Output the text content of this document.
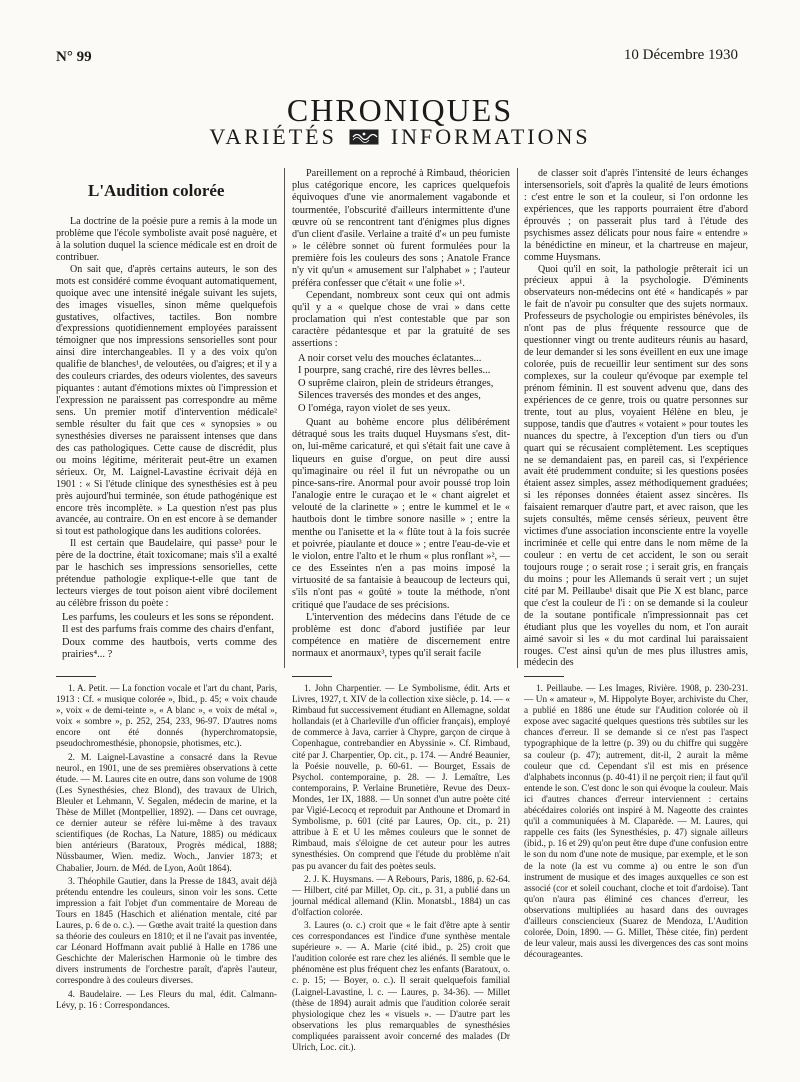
N° 99	10 Décembre 1930
CHRONIQUES
VARIÉTÉS INFORMATIONS
L'Audition colorée

La doctrine de la poésie pure a remis à la mode un problème que l'école symboliste avait posé naguère, et à la solution duquel la science médicale est en droit de contribuer.

On sait que, d'après certains auteurs, le son des mots est considéré comme évoquant automatiquement, quoique avec une intensité inégale suivant les sujets, des images visuelles, sinon même quelquefois gustatives, olfactives, tactiles. Bon nombre d'expressions quotidiennement employées paraissent témoigner que nos impressions sensorielles sont pour ainsi dire interchangeables. Il y a des voix qu'on qualifie de blanches¹, de veloutées, ou d'aigres; et il y a des couleurs criardes, des odeurs violentes, des saveurs piquantes : autant d'émotions mixtes où l'impression et l'expression ne paraissent pas correspondre au même sens. Un premier motif d'intervention médicale² semble résulter du fait que ces « synopsies » ou synesthésies diverses ne paraissent intenses que dans des cas pathologiques. Cette cause de discrédit, plus ou moins légitime, mériterait peut-être un examen sérieux. Or, M. Laignel-Lavastine écrivait déjà en 1901 : « Si l'étude clinique des synesthésies est à peu près aujourd'hui terminée, son étude pathogénique est encore très incomplète. » La question n'est pas plus avancée, au contraire. On en est encore à se demander si tout est pathologique dans les auditions colorées.

Il est certain que Baudelaire, qui passe³ pour le père de la doctrine, était toxicomane; mais s'il a exalté par le haschich ses impressions sensorielles, cette prétendue pathologie explique-t-elle que tant de lecteurs vierges de tout poison aient vibré docilement au célèbre frisson du poète :

Les parfums, les couleurs et les sons se répondent.
Il est des parfums frais comme des chairs d'enfant,
Doux comme des hautbois, verts comme des prairies⁴... ?

Pareillement on a reproché à Rimbaud, théoricien plus catégorique encore, les caprices quelquefois équivoques d'une vie anormalement vagabonde et tourmentée, l'obscurité d'ailleurs intermittente d'une œuvre où se rencontrent tant d'énigmes plus dignes d'un client d'asile. Verlaine a traité d'« un peu fumiste » le célèbre sonnet où furent formulées pour la première fois les couleurs des sons ; Anatole France n'y vit qu'un « amusement sur l'alphabet » ; l'auteur préféra confesser que c'était « une folie »¹.

Cependant, nombreux sont ceux qui ont admis qu'il y a « quelque chose de vrai » dans cette proclamation qui n'est contestable que par son caractère pédantesque et par la gratuité de ses assertions :

A noir corset velu des mouches éclatantes...
I pourpre, sang craché, rire des lèvres belles...
O suprême clairon, plein de strideurs étranges,
Silences traversés des mondes et des anges,
O l'oméga, rayon violet de ses yeux.

Quant au bohème encore plus délibérément détraqué sous les traits duquel Huysmans s'est, dit-on, lui-même caricaturé, et qui s'était fait une cave à liqueurs en guise d'orgue, on peut dire aussi qu'imaginaire ou réel il fut un névropathe ou un pince-sans-rire. Anormal pour avoir poussé trop loin l'analogie entre le curaçao et le « chant aigrelet et velouté de la clarinette » ; entre le kummel et le « hautbois dont le timbre sonore nasille » ; entre la menthe ou l'anisette et la « flûte tout à la fois sucrée et poivrée, piaulante et douce » ; entre l'eau-de-vie et le violon, entre l'alto et le rhum « plus ronflant »², — ce des Esseintes n'en a pas moins imposé la virtuosité de sa fantaisie à beaucoup de lecteurs qui, s'ils n'ont pas « goûté » toute la méthode, n'ont critiqué que l'audace de ses précisions.

L'intervention des médecins dans l'étude de ce problème est donc d'abord justifiée par leur compétence en matière de discernement entre normaux et anormaux³, types qu'il serait facile

de classer soit d'après l'intensité de leurs échanges intersensoriels, soit d'après la qualité de leurs émotions : c'est entre le son et la couleur, si l'on ordonne les expériences, que les rapports pourraient être d'abord éprouvés ; on passerait plus tard à l'étude des psychismes assez délicats pour nous faire « entendre » la bénédictine en mineur, et la chartreuse en majeur, comme Huysmans.

Quoi qu'il en soit, la pathologie prêterait ici un précieux appui à la psychologie. D'éminents observateurs non-médecins ont été « handicapés » par le fait de n'avoir pu consulter que des sujets normaux. Professeurs de psychologie ou empiristes bénévoles, ils n'ont pas de plus fréquente ressource que de questionner vingt ou trente auditeurs réunis au hasard, de leur demander si les sons éveillent en eux une image colorée, puis de recueillir leur sentiment sur des sons complexes, sur la couleur qu'évoque par exemple tel prénom féminin. Il est souvent advenu que, dans des expériences de ce genre, trois ou quatre personnes sur trente, tout au plus, voyaient Hélène en bleu, je suppose, tandis que d'autres « votaient » pour toutes les nuances du spectre, à l'exception d'un tiers ou d'un quart qui se récusaient complètement. Les sceptiques ne se demandaient pas, en pareil cas, si l'expérience avait été prudemment conduite; si les questions posées étaient assez simples, assez méthodiquement graduées; si les réponses données étaient assez sincères. Ils faisaient remarquer d'autre part, et avec raison, que les sujets consultés, même censés sérieux, peuvent être victimes d'une association inconsciente entre la voyelle incriminée et celle qui entre dans le nom même de la couleur : en vertu de cet accident, le son ou serait toujours rouge ; o serait rose ; i serait gris, en français du moins ; pour les Allemands ü serait vert ; un sujet cité par M. Peillaube¹ disait que Pie X est blanc, parce que c'est la couleur de l'i : on se demande si la couleur de la soutane pontificale n'impressionnait pas cet étudiant plus que les voyelles du nom, et l'on aurait aimé savoir si les « du mot cardinal lui paraissaient rouges. C'est ainsi qu'un de mes plus illustres amis, médecin des

1. A. Petit. — La fonction vocale et l'art du chant, Paris, 1913 : Cf. « musique colorée », Ibid., p. 45; « voix chaude », voix « de demi-teinte », « A blanc », « voix de métal », voix « sombre », p. 252, 254, 233, 96-97. D'autres noms encore ont été donnés (hyperchromatopsie, pseudochromesthésie, phonopsie, photismes, etc.).

2. M. Laignel-Lavastine a consacré dans la Revue neurol., en 1901, une de ses premières observations à cette étude. — M. Laures cite en outre, dans son volume de 1908 (Les Synesthésies, chez Blond), des travaux de Ulrich, Bleuler et Lehmann, V. Segalen, médecin de marine, et la Thèse de Millet (Montpellier, 1892). — Dans cet ouvrage, ce dernier auteur se réfère lui-même à des travaux scientifiques (de Rochas, La Nature, 1885) ou médicaux bien antérieurs (Baratoux, Progrès médical, 1888; Nüssbaumer, Wien. mediz. Woch., Janvier 1873; et Chabalier, Journ. de Méd. de Lyon, Août 1864).

3. Théophile Gautier, dans la Presse de 1843, avait déjà prétendu entendre les couleurs, sinon voir les sons. Cette impression a fait l'objet d'un commentaire de Moreau de Tours en 1845 (Haschich et aliénation mentale, cité par Laures, p. 6 de o. c.). — Gœthe avait traité la question dans sa théorie des couleurs en 1810; et il ne l'avait pas inventée, car Léonard Hoffmann avait publié à Halle en 1786 une Geschichte der Malerischen Harmonie où le timbre des divers instruments de l'orchestre paraît, d'après l'auteur, correspondre à des couleurs diverses.

4. Baudelaire. — Les Fleurs du mal, édit. Calmann-Lévy, p. 16 : Correspondances.

1. John Charpentier. — Le Symbolisme, édit. Arts et Livres, 1927, t. XIV de la collection xixe siècle, p. 14. — « Rimbaud fut successivement étudiant en Allemagne, soldat hollandais (et à Charleville d'un officier français), employé de commerce à Java, carrier à Chypre, garçon de cirque à Copenhague, contrebandier en Abyssinie ». Cf. Rimbaud, cité par J. Charpentier, Op. cit., p. 174. — André Beaunier, la Poésie nouvelle, p. 60-61. — Bourget, Essais de Psychol. contemporaine, p. 28. — J. Lemaître, Les contemporains, P. Verlaine Brunetière, Revue des Deux-Mondes, 1er IX, 1888. — Un sonnet d'un autre poète cité par Vigié-Lecocq et reproduit par Anthoune et Dromard in Symbolisme, p. 601 (cité par Laures, Op. cit., p. 21) attribue à E et U les mêmes couleurs que le sonnet de Rimbaud, mais s'éloigne de cet auteur pour les autres synesthésies. On comprend que l'étude du problème n'ait pas pu avancer du fait des poètes seuls.

2. J. K. Huysmans. — A Rebours, Paris, 1886, p. 62-64. — Hilbert, cité par Millet, Op. cit., p. 31, a publié dans un journal médical allemand (Klin. Monatsbl., 1884) un cas d'olfaction colorée.

3. Laures (o. c.) croit que « le fait d'être apte à sentir ces correspondances est l'indice d'une synthèse mentale supérieure ». — A. Marie (cité ibid., p. 25) croit que l'audition colorée est rare chez les aliénés. Il semble que le phénomène est plus fréquent chez les enfants (Baratoux, o. c. p. 15; — Boyer, o. c.). Il serait quelquefois familial (Laignel-Lavastine, l. c. — Laures, p. 34-36). — Millet (thèse de 1894) aurait admis que l'audition colorée serait physiologique chez les « visuels ». — D'autre part les observations les plus remarquables de synesthésies compliquées paraissent avoir concerné des malades (Dr Ulrich, Loc. cit.).

1. Peillaube. — Les Images, Rivière. 1908, p. 230-231. — Un « amateur », M. Hippolyte Boyer, archiviste du Cher, a publié en 1886 une étude sur l'Audition colorée où il expose avec sagacité quelques questions très subtiles sur les chances d'erreur. Il se demande si ce n'est pas l'aspect typographique de la lettre (p. 39) ou du chiffre qui suggère sa couleur (p. 47); autrement, dit-il, 2 aurait la même couleur que cd. Cependant s'il est mis en présence d'alphabets inconnus (p. 40-41) il ne perçoit rien; il faut qu'il entende le son. C'est donc le son qui évoque la couleur. Mais ici d'autres chances d'erreur interviennent : certains abécédaires coloriés ont inspiré à M. Nageotte des craintes qu'il a communiquées à M. Claparède. — M. Laures, qui rappelle ces faits (les Synesthésies, p. 47) signale ailleurs (ibid., p. 16 et 29) qu'on peut être dupe d'une confusion entre le son du nom d'une note de musique, par exemple, et le son de la note (la est vu comme a) ou entre le son d'un instrument de musique et des images auxquelles ce son est associé (cor et soleil couchant, cloche et toit d'ardoise). Tant qu'on n'aura pas éliminé ces chances d'erreur, les observations multipliées au hasard dans des ouvrages d'ailleurs consciencieux (Suarez de Mendoza, L'Audition colorée, Doin, 1890. — G. Millet, Thèse citée, fin) perdent de leur valeur, mais aussi les divergences des cas sont moins décourageantes.
